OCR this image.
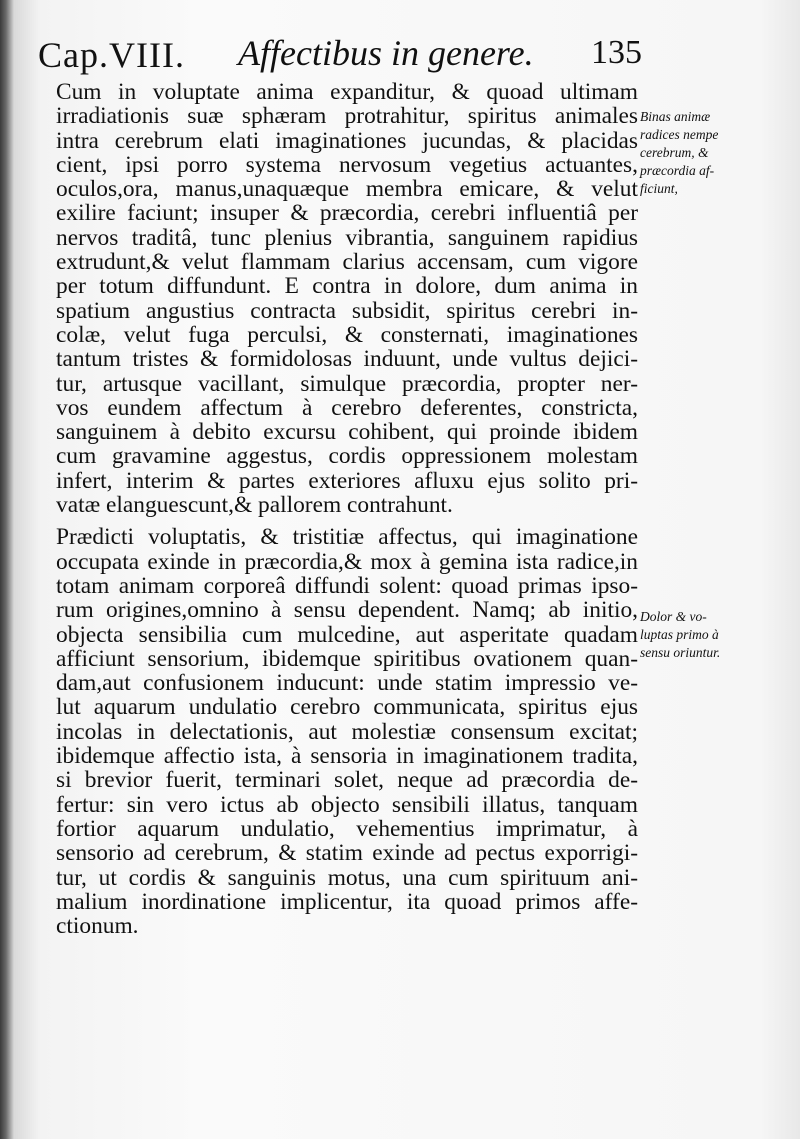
Cap.VIII. Affectibus in genere. 135
Cum in voluptate anima expanditur, & quoad ultimam
irradiationis suæ sphæram protrahitur, spiritus animales
intra cerebrum elati imaginationes jucundas, & placidas
cient, ipsi porro systema nervosum vegetius actuantes,
oculos,ora, manus,unaquæque membra emicare, & velut
exilire faciunt; insuper & præcordia, cerebri influentiâ per
nervos traditâ, tunc plenius vibrantia, sanguinem rapidius
extrudunt,& velut flammam clarius accensam, cum vigore
per totum diffundunt. E contra in dolore, dum anima in
spatium angustius contracta subsidit, spiritus cerebri in-
colæ, velut fuga perculsi, & consternati, imaginationes
tantum tristes & formidolosas induunt, unde vultus dejici-
tur, artusque vacillant, simulque præcordia, propter ner-
vos eundem affectum à cerebro deferentes, constricta,
sanguinem à debito excursu cohibent, qui proinde ibidem
cum gravamine aggestus, cordis oppressionem molestam
infert, interim & partes exteriores afluxu ejus solito pri-
vatæ elanguescunt,& pallorem contrahunt.
Prædicti voluptatis, & tristitiæ affectus, qui imaginatione
occupata exinde in præcordia,& mox à gemina ista radice,in
totam animam corporeâ diffundi solent: quoad primas ipso-
rum origines,omnino à sensu dependent. Namq; ab initio,
objecta sensibilia cum mulcedine, aut asperitate quadam
afficiunt sensorium, ibidemque spiritibus ovationem quan-
dam,aut confusionem inducunt: unde statim impressio ve-
lut aquarum undulatio cerebro communicata, spiritus ejus
incolas in delectationis, aut molestiæ consensum excitat;
ibidemque affectio ista, à sensoria in imaginationem tradita,
si brevior fuerit, terminari solet, neque ad præcordia de-
fertur: sin vero ictus ab objecto sensibili illatus, tanquam
fortior aquarum undulatio, vehementius imprimatur, à
sensorio ad cerebrum, & statim exinde ad pectus exporrigi-
tur, ut cordis & sanguinis motus, una cum spirituum ani-
malium inordinatione implicentur, ita quoad primos affe-
ctionum.
Binas animæ
radices nempe
cerebrum, &
præcordia af-
ficiunt,
Dolor & vo-
luptas primo à
sensu oriuntur.
